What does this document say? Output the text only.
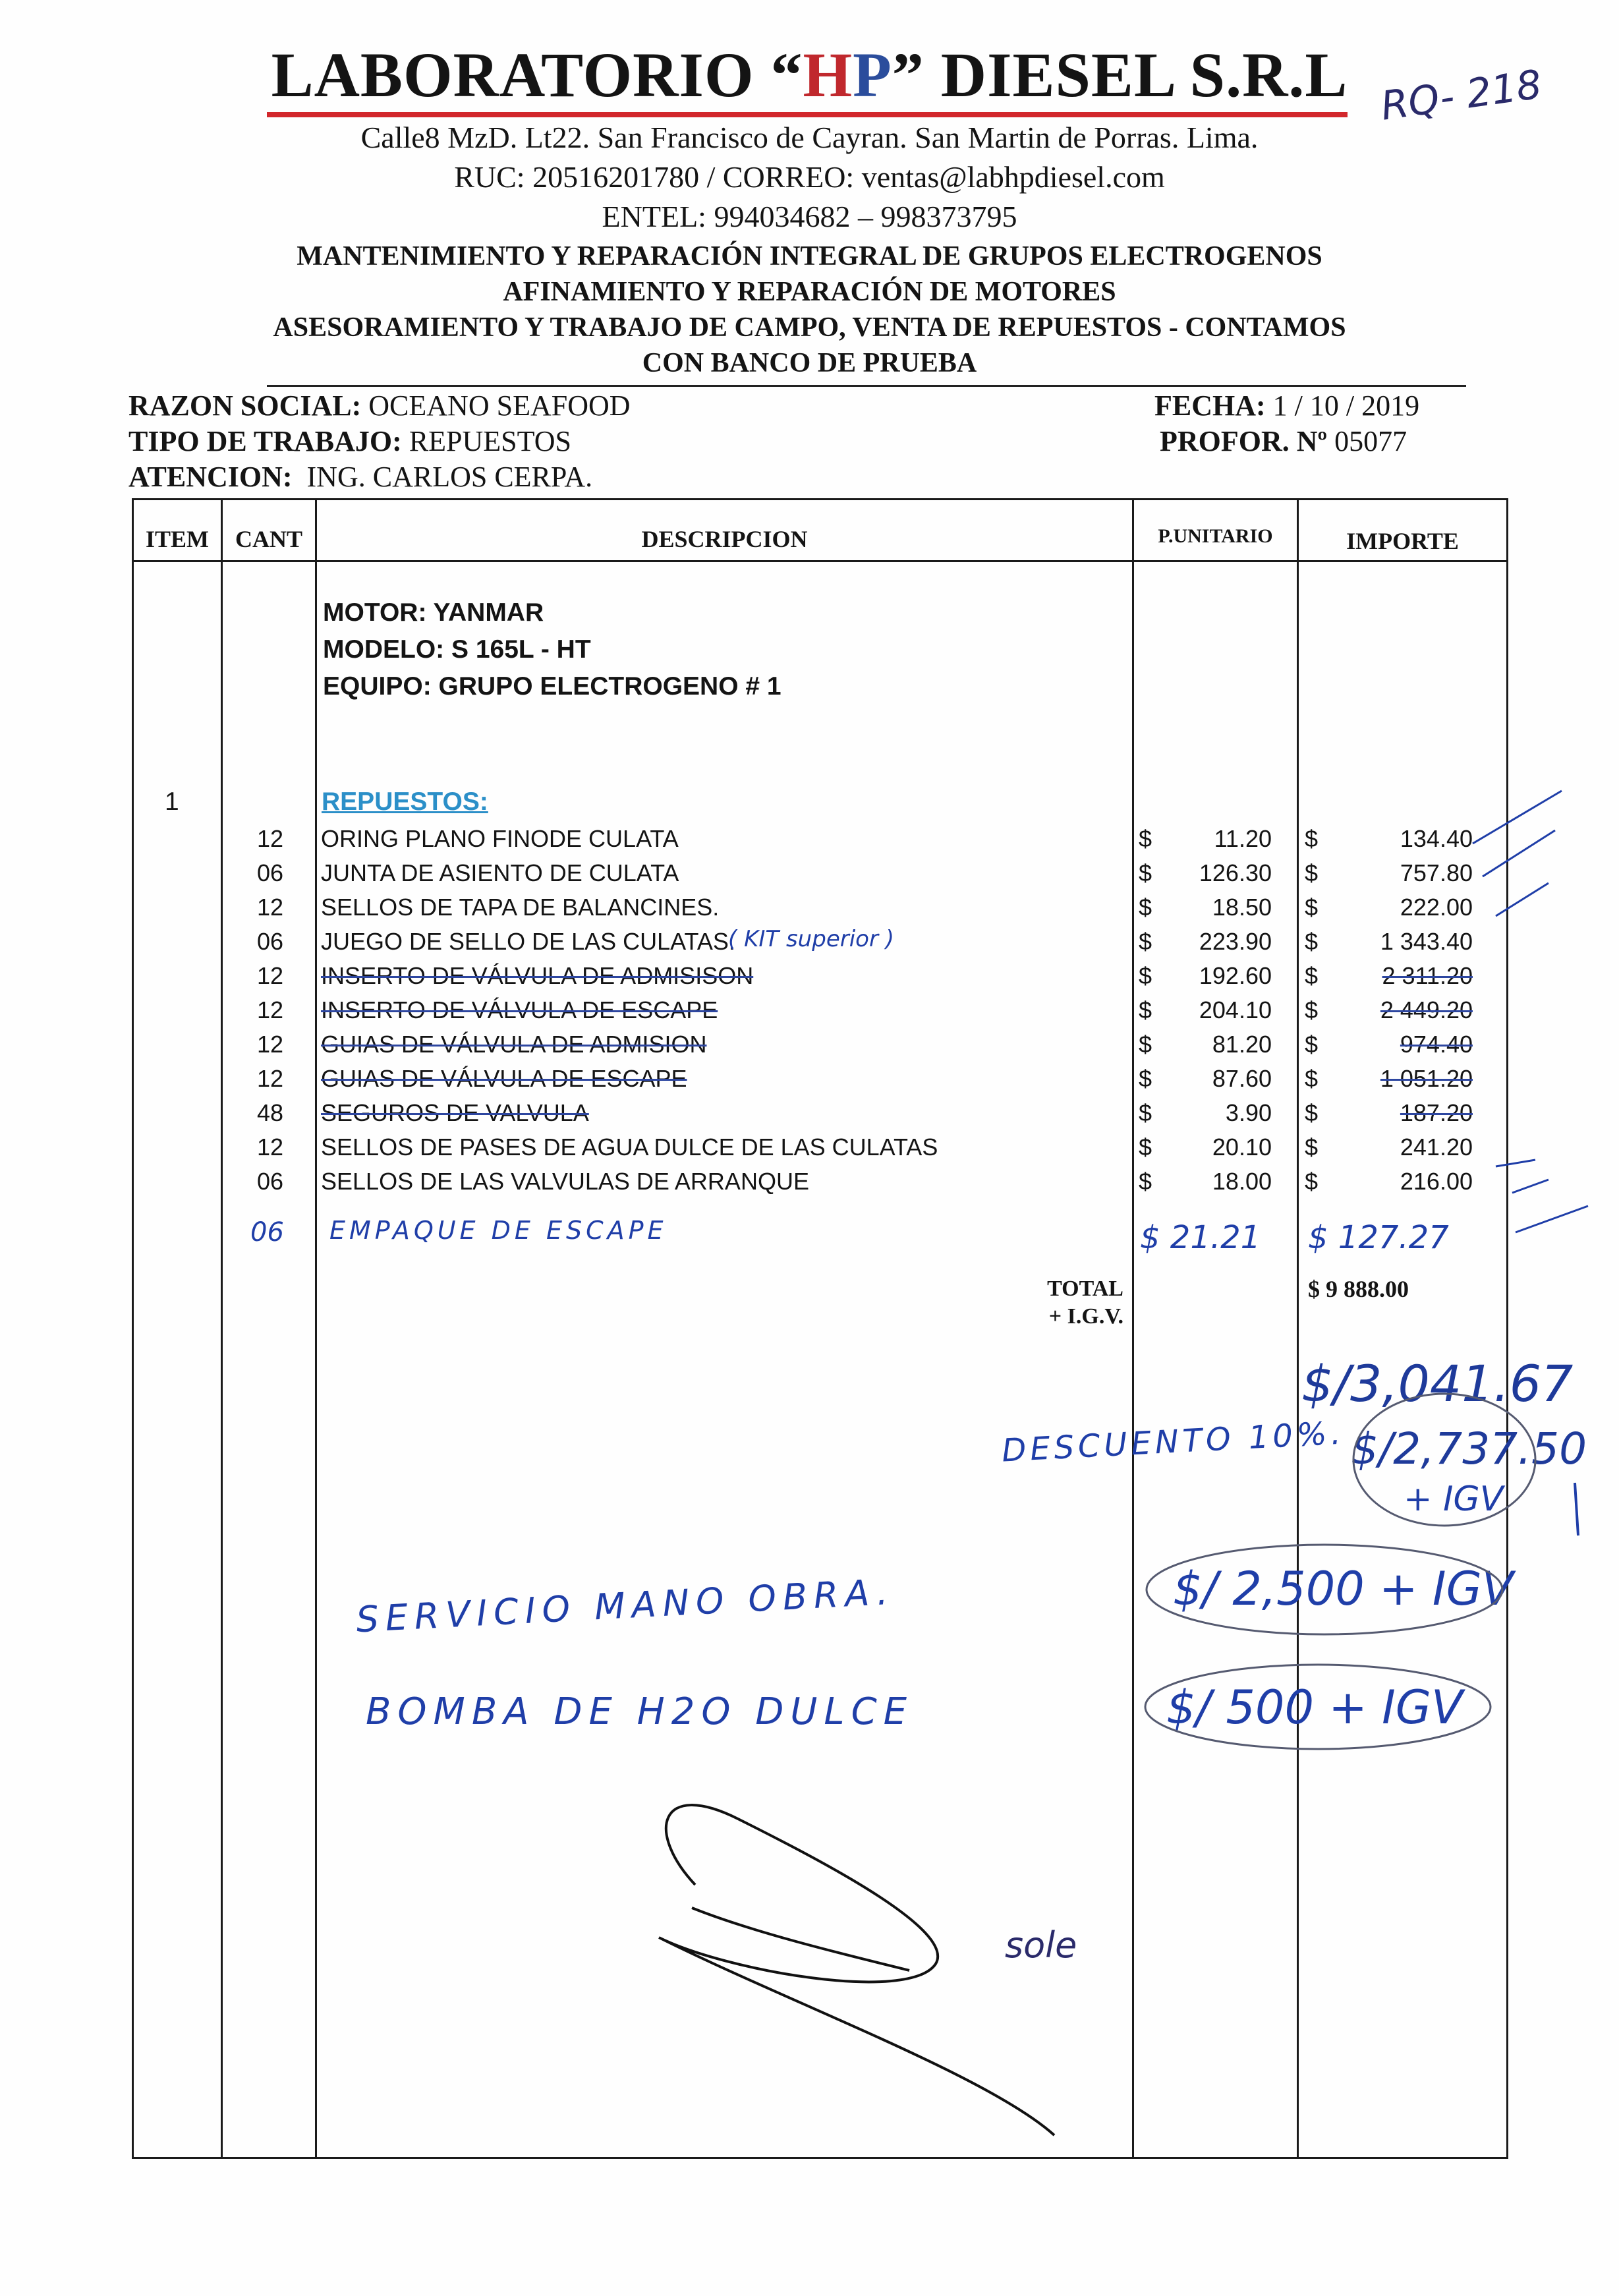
LABORATORIO “HP” DIESEL S.R.L RQ- 218
Calle8 MzD. Lt22. San Francisco de Cayran. San Martin de Porras. Lima.
RUC: 20516201780 / CORREO: ventas@labhpdiesel.com
ENTEL: 994034682 – 998373795
MANTENIMIENTO Y REPARACIÓN INTEGRAL DE GRUPOS ELECTROGENOS
AFINAMIENTO Y REPARACIÓN DE MOTORES
ASESORAMIENTO Y TRABAJO DE CAMPO, VENTA DE REPUESTOS - CONTAMOS
CON BANCO DE PRUEBA
RAZON SOCIAL: OCEANO SEAFOOD
TIPO DE TRABAJO: REPUESTOS
ATENCION: ING. CARLOS CERPA.
FECHA: 1 / 10 / 2019
PROFOR. Nº 05077
ITEM	CANT	DESCRIPCION	P.UNITARIO	IMPORTE
MOTOR: YANMAR
MODELO: S 165L - HT
EQUIPO: GRUPO ELECTROGENO # 1
1	REPUESTOS:
12 ORING PLANO FINODE CULATA	$	11.20 $	134.40
06 JUNTA DE ASIENTO DE CULATA	$	126.30 $	757.80
12 SELLOS DE TAPA DE BALANCINES.	$	18.50 $	222.00
06 JUEGO DE SELLO DE LAS CULATAS.	$	223.90 $	1 343.40
12 INSERTO DE VÁLVULA DE ADMISISON	$	192.60 $	2 311.20
12 INSERTO DE VÁLVULA DE ESCAPE	$	204.10 $	2 449.20
12 GUIAS DE VÁLVULA DE ADMISION	$	81.20 $	974.40
12 GUIAS DE VÁLVULA DE ESCAPE	$	87.60 $	1 051.20
48 SEGUROS DE VALVULA	$	3.90 $	187.20
12 SELLOS DE PASES DE AGUA DULCE DE LAS CULATAS	$	20.10 $	241.20
06 SELLOS DE LAS VALVULAS DE ARRANQUE	$	18.00 $	216.00
( KIT superior )
06 EMPAQUE DE ESCAPE	$ 21.21 $ 127.27
TOTAL
+ I.G.V.
$ 9 888.00
$/3,041.67
DESCUENTO 10%. $/2,737.50
+ IGV
SERVICIO MANO OBRA.	$/ 2,500 + IGV
BOMBA DE H2O DULCE	$/ 500 + IGV
sole
